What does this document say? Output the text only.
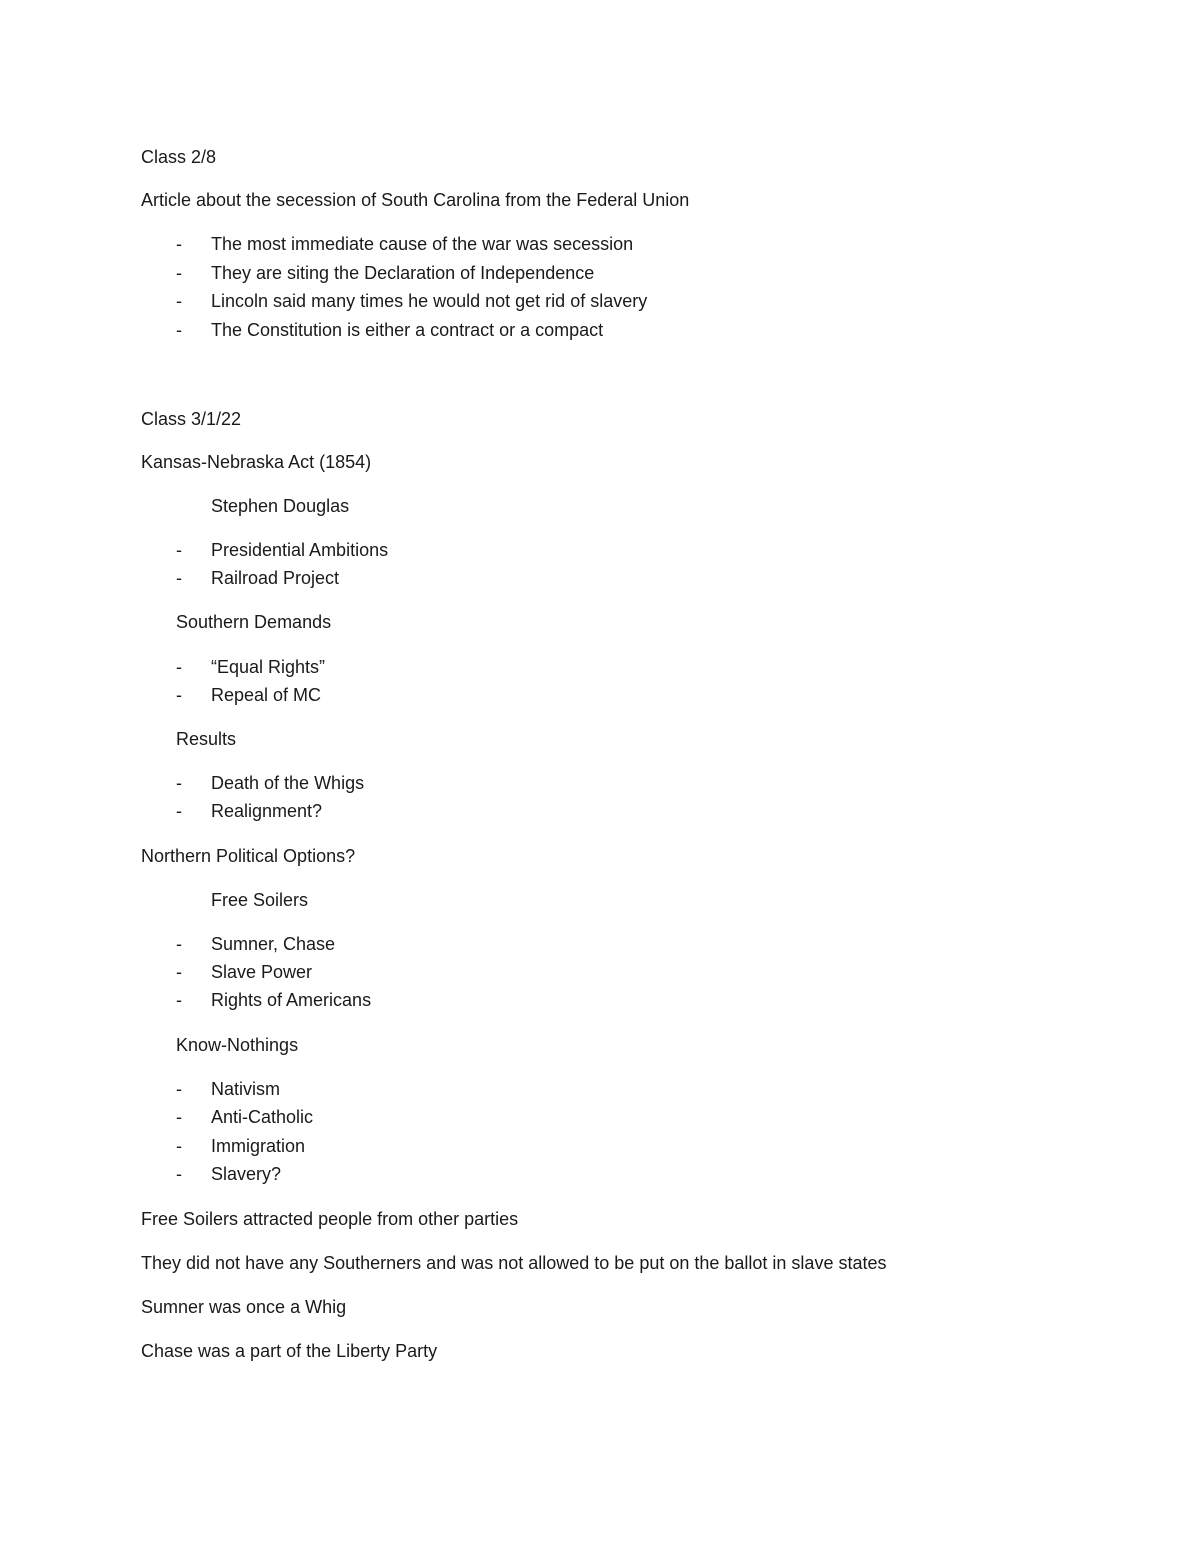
Class 2/8
Article about the secession of South Carolina from the Federal Union
- The most immediate cause of the war was secession
- They are siting the Declaration of Independence
- Lincoln said many times he would not get rid of slavery
- The Constitution is either a contract or a compact
Class 3/1/22
Kansas-Nebraska Act (1854)
Stephen Douglas
- Presidential Ambitions
- Railroad Project
Southern Demands
- “Equal Rights”
- Repeal of MC
Results
- Death of the Whigs
- Realignment?
Northern Political Options?
Free Soilers
- Sumner, Chase
- Slave Power
- Rights of Americans
Know-Nothings
- Nativism
- Anti-Catholic
- Immigration
- Slavery?
Free Soilers attracted people from other parties
They did not have any Southerners and was not allowed to be put on the ballot in slave states
Sumner was once a Whig
Chase was a part of the Liberty Party
